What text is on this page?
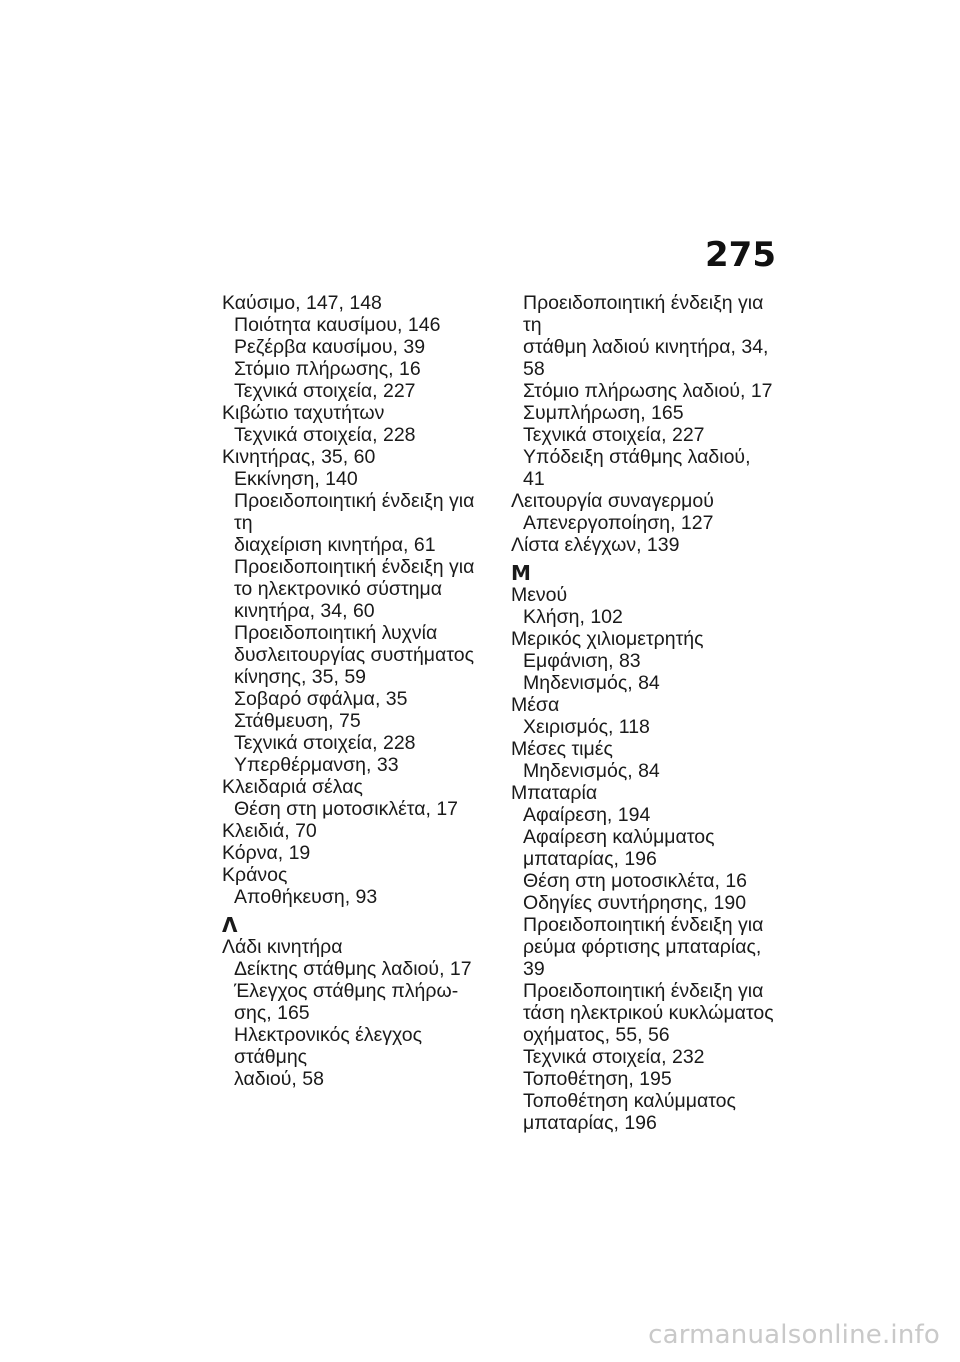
275
Καύσιμο, 147, 148
Ποιότητα καυσίμου, 146
Ρεζέρβα καυσίμου, 39
Στόμιο πλήρωσης, 16
Τεχνικά στοιχεία, 227
Κιβώτιο ταχυτήτων
Τεχνικά στοιχεία, 228
Κινητήρας, 35, 60
Εκκίνηση, 140
Προειδοποιητική ένδειξη για τη
διαχείριση κινητήρα, 61
Προειδοποιητική ένδειξη για
το ηλεκτρονικό σύστημα
κινητήρα, 34, 60
Προειδοποιητική λυχνία
δυσλειτουργίας συστήματος
κίνησης, 35, 59
Σοβαρό σφάλμα, 35
Στάθμευση, 75
Τεχνικά στοιχεία, 228
Υπερθέρμανση, 33
Κλειδαριά σέλας
Θέση στη μοτοσικλέτα, 17
Κλειδιά, 70
Κόρνα, 19
Κράνος
Αποθήκευση, 93
Λ
Λάδι κινητήρα
Δείκτης στάθμης λαδιού, 17
Έλεγχος στάθμης πλήρω-
σης, 165
Ηλεκτρονικός έλεγχος στάθμης
λαδιού, 58
Προειδοποιητική ένδειξη για τη
στάθμη λαδιού κινητήρα, 34,
58
Στόμιο πλήρωσης λαδιού, 17
Συμπλήρωση, 165
Τεχνικά στοιχεία, 227
Υπόδειξη στάθμης λαδιού, 41
Λειτουργία συναγερμού
Απενεργοποίηση, 127
Λίστα ελέγχων, 139
Μ
Μενού
Κλήση, 102
Μερικός χιλιομετρητής
Εμφάνιση, 83
Μηδενισμός, 84
Μέσα
Χειρισμός, 118
Μέσες τιμές
Μηδενισμός, 84
Μπαταρία
Αφαίρεση, 194
Αφαίρεση καλύμματος
μπαταρίας, 196
Θέση στη μοτοσικλέτα, 16
Οδηγίες συντήρησης, 190
Προειδοποιητική ένδειξη για
ρεύμα φόρτισης μπαταρίας, 39
Προειδοποιητική ένδειξη για
τάση ηλεκτρικού κυκλώματος
οχήματος, 55, 56
Τεχνικά στοιχεία, 232
Τοποθέτηση, 195
Τοποθέτηση καλύμματος
μπαταρίας, 196
carmanualsonline.info
